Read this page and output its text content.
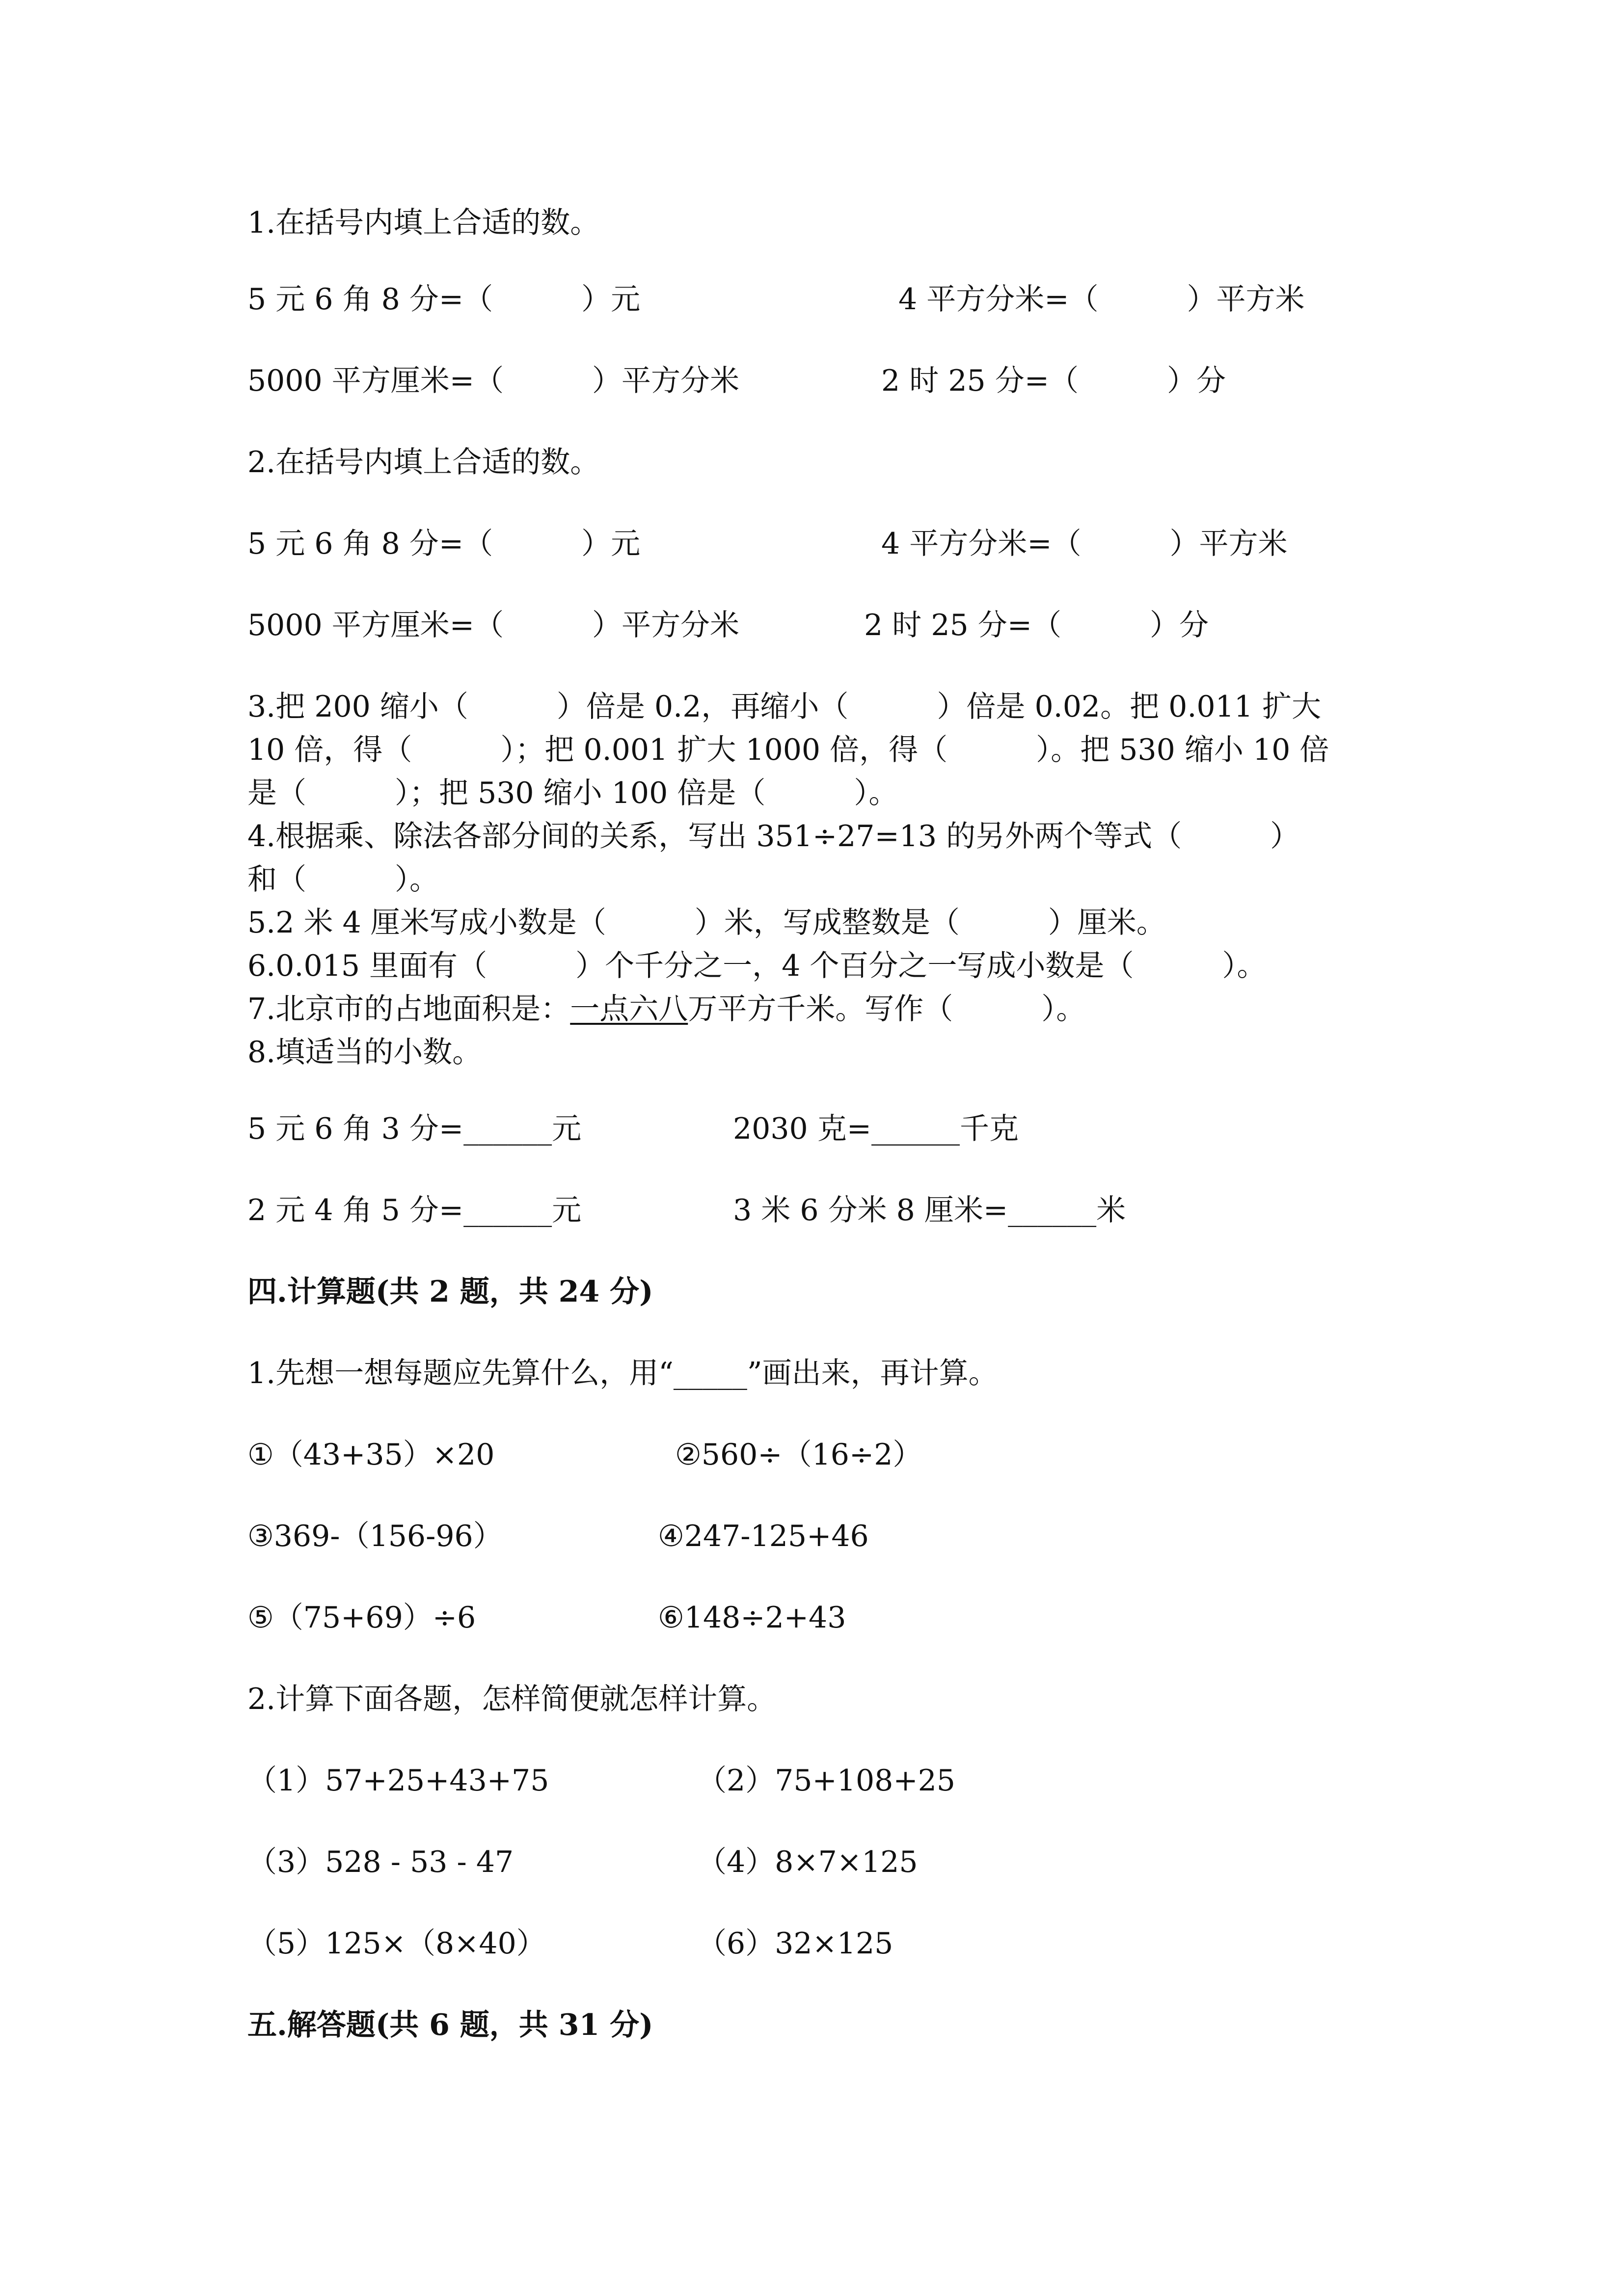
1.在括号内填上合适的数。
5 元 6 角 8 分=（　　　）元	4 平方分米=（　　　）平方米
5000 平方厘米=（　　　）平方分米	2 时 25 分=（　　　）分
2.在括号内填上合适的数。
5 元 6 角 8 分=（　　　）元	4 平方分米=（　　　）平方米
5000 平方厘米=（　　　）平方分米	2 时 25 分=（　　　）分
3.把 200 缩小（　　　）倍是 0.2，再缩小（　　　）倍是 0.02。把 0.011 扩大
10 倍，得（　　　）；把 0.001 扩大 1000 倍，得（　　　）。把 530 缩小 10 倍
是（　　　）；把 530 缩小 100 倍是（　　　）。
4.根据乘、除法各部分间的关系，写出 351÷27=13 的另外两个等式（　　　）
和（　　　）。
5.2 米 4 厘米写成小数是（　　　）米，写成整数是（　　　）厘米。
6.0.015 里面有（　　　）个千分之一，4 个百分之一写成小数是（　　　）。
7.北京市的占地面积是：一点六八万平方千米。写作（　　　）。
8.填适当的小数。
5 元 6 角 3 分=______元	2030 克=______千克
2 元 4 角 5 分=______元	3 米 6 分米 8 厘米=______米
四.计算题(共 2 题，共 24 分)
1.先想一想每题应先算什么，用“_____”画出来，再计算。
①（43+35）×20	②560÷（16÷2）
③369-（156-96）	④247-125+46
⑤（75+69）÷6	⑥148÷2+43
2.计算下面各题，怎样简便就怎样计算。
（1）57+25+43+75	（2）75+108+25
（3）528 - 53 - 47	（4）8×7×125
（5）125×（8×40）	（6）32×125
五.解答题(共 6 题，共 31 分)
